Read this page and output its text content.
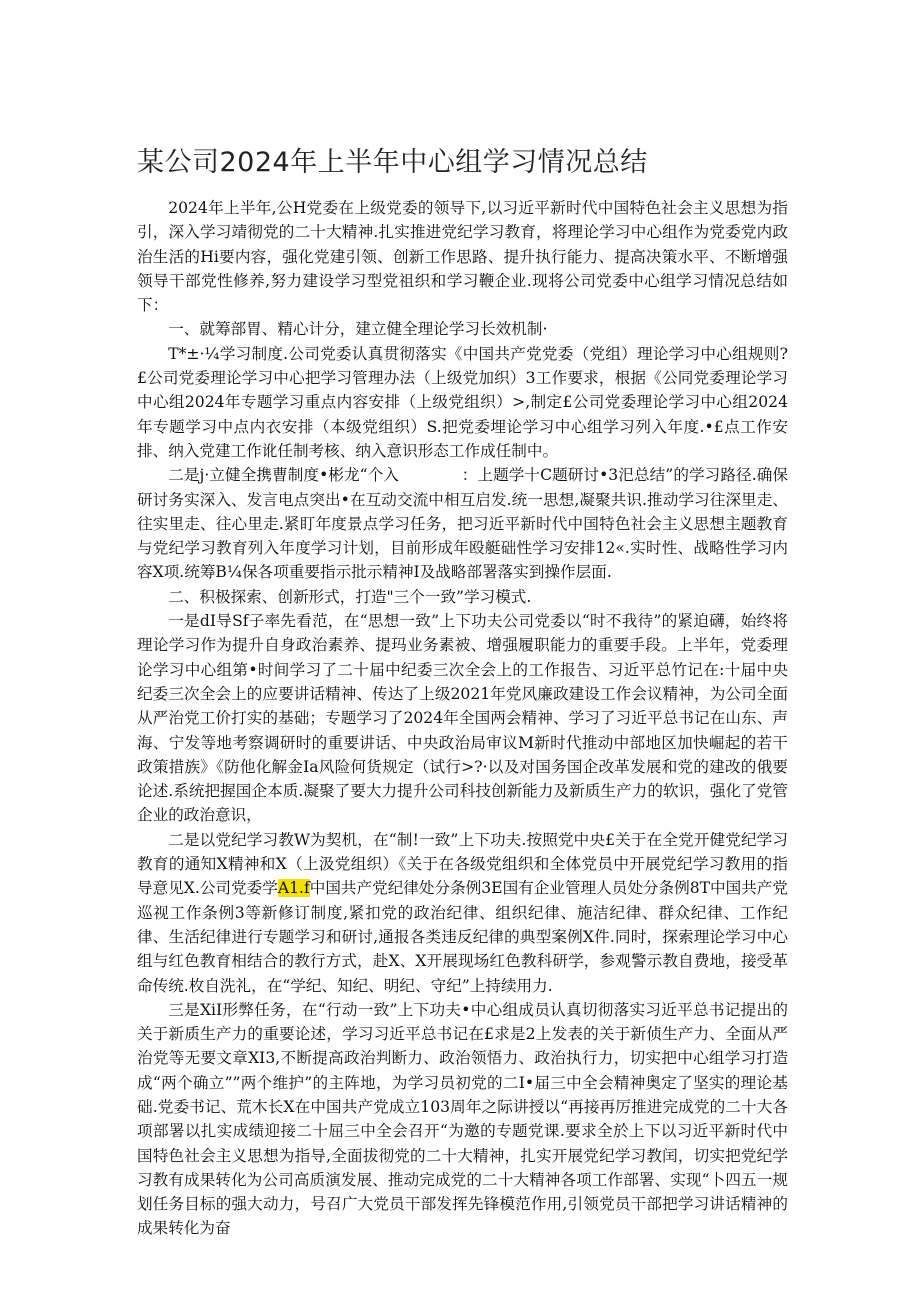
某公司2024年上半年中心组学习情况总结

2024年上半年,公H党委在上级党委的领导下,以习近平新时代中国特色社会主义思想为指引，深入学习靖彻党的二十大精神.扎实推进党纪学习教育，将理论学习中心组作为党委党内政治生活的Hi要内容，强化党建引领、创新工作思路、提升执行能力、提高决策水平、不断增强领导干部党性修养,努力建设学习型党祖织和学习鞭企业.现将公司党委中心组学习情况总结如下：

一、就筹部胃、精心计分，建立健全理论学习长效机制·

T*±·¼学习制度.公司党委认真贯彻落实《中国共产党党委（党组）理论学习中心组规则?£公司党委理论学习中心把学习管理办法（上级党加织）3工作要求，根据《公同党委理论学习中心组2024年专题学习重点内容安排（上级党组织）>,制定£公司党委理论学习中心组2024年专题学习中点内衣安排（本级党组织）S.把党委埋论学习中心组学习列入年度.•£点工作安排、纳入党建工作讹任制考核、纳入意识形态工作成任制中。

二是j·立健全携曹制度•彬龙“个入　　　　：上题学十C题研讨•3汜总结”的学习路径.确保研讨务实深入、发言电点突出•在互动交流中相互启发.统一思想,凝聚共识.推动学习往深里走、往实里走、往心里走.紧盯年度景点学习任务，把习近平新时代中国特色社会主义思想主题教育与党纪学习教育列入年度学习计划，目前形成年殴艇础性学习安排12«.实时性、战略性学习内容X项.统筹B¼保各项重要指示批示精神I及战略部署落实到操作层面.

二、积极探索、创新形式，打造"三个一致”学习模式.

一是dI导Sf子率先看范，在“思想一致”上下功夫公司党委以“时不我待”的紧迫礴，始终将理论学习作为提升自身政治素养、提玛业务素被、增强履职能力的重要手段。上半年，党委理论学习中心组第•时间学习了二十届中纪委三次全会上的工作报告、习近平总竹记在:十届中央纪委三次全会上的应要讲话精神、传达了上级2021年党风廉政建设工作会议精神，为公司全面从严治党工价打实的基础；专题学习了2024年全国两会精神、学习了习近平总书记在山东、声海、宁发等地考察调研时的重要讲话、中央政治局审议M新时代推动中部地区加快崛起的若干政策措族》《防他化解金Ia风险何货规定（试行>?·以及对国务国企改革发展和党的建改的俄要论述.系统把握国企本质.凝聚了要大力提升公司科技创新能力及新质生产力的软识，强化了党管企业的政治意识，

二是以党纪学习教W为契机，在“制!一致”上下功夫.按照党中央£关于在全党开健党纪学习教育的通知X精神和X（上汲党组织）《关于在各级党组织和全体党员中开展党纪学习教用的指导意见X.公司党委学A1.f中国共产党纪律处分条例3E国有企业管理人员处分条例8T中国共产党巡视工作条例3等新修订制度,紧扣党的政治纪律、组织纪律、施洁纪律、群众纪律、工作纪律、生活纪律进行专题学习和研讨,通报各类违反纪律的典型案例X件.同时，探索理论学习中心组与红色教育相结合的教行方式，赴X、X开展现场红色教科研学，参观警示教自费地，接受革命传统.枚自洗礼，在“学纪、知纪、明纪、守纪”上持续用力.

三是XiI形弊任务，在“行动一致”上下功夫•中心组成员认真切彻落实习近平总书记提出的关于新质生产力的重要论述，学习习近平总书记在£求是2上发表的关于新侦生产力、全面从严治党等无要文章XI3,不断提高政治判断力、政治领悟力、政治执行力，切实把中心组学习打造成“两个确立””两个维护”的主阵地，为学习员初党的二I•届三中全会精神奥定了坚实的理论基础.党委书记、荒木长X在中国共产党成立103周年之际讲授以“再接再厉推进完成党的二十大各项部署以扎实成绩迎接二十屈三中全会召开“为邀的专题党课.要求全於上下以习近平新时代中国特色社会主义思想为指导,全面拔彻党的二十大精神，扎实开展党纪学习教闰，切实把党纪学习教有成果转化为公司高质演发展、推动完成党的二十大精神各项工作部署、实现“卜四五一规划任务目标的强大动力，号召广大党员干部发挥先锋模范作用,引领党员干部把学习讲话精神的成果转化为奋
